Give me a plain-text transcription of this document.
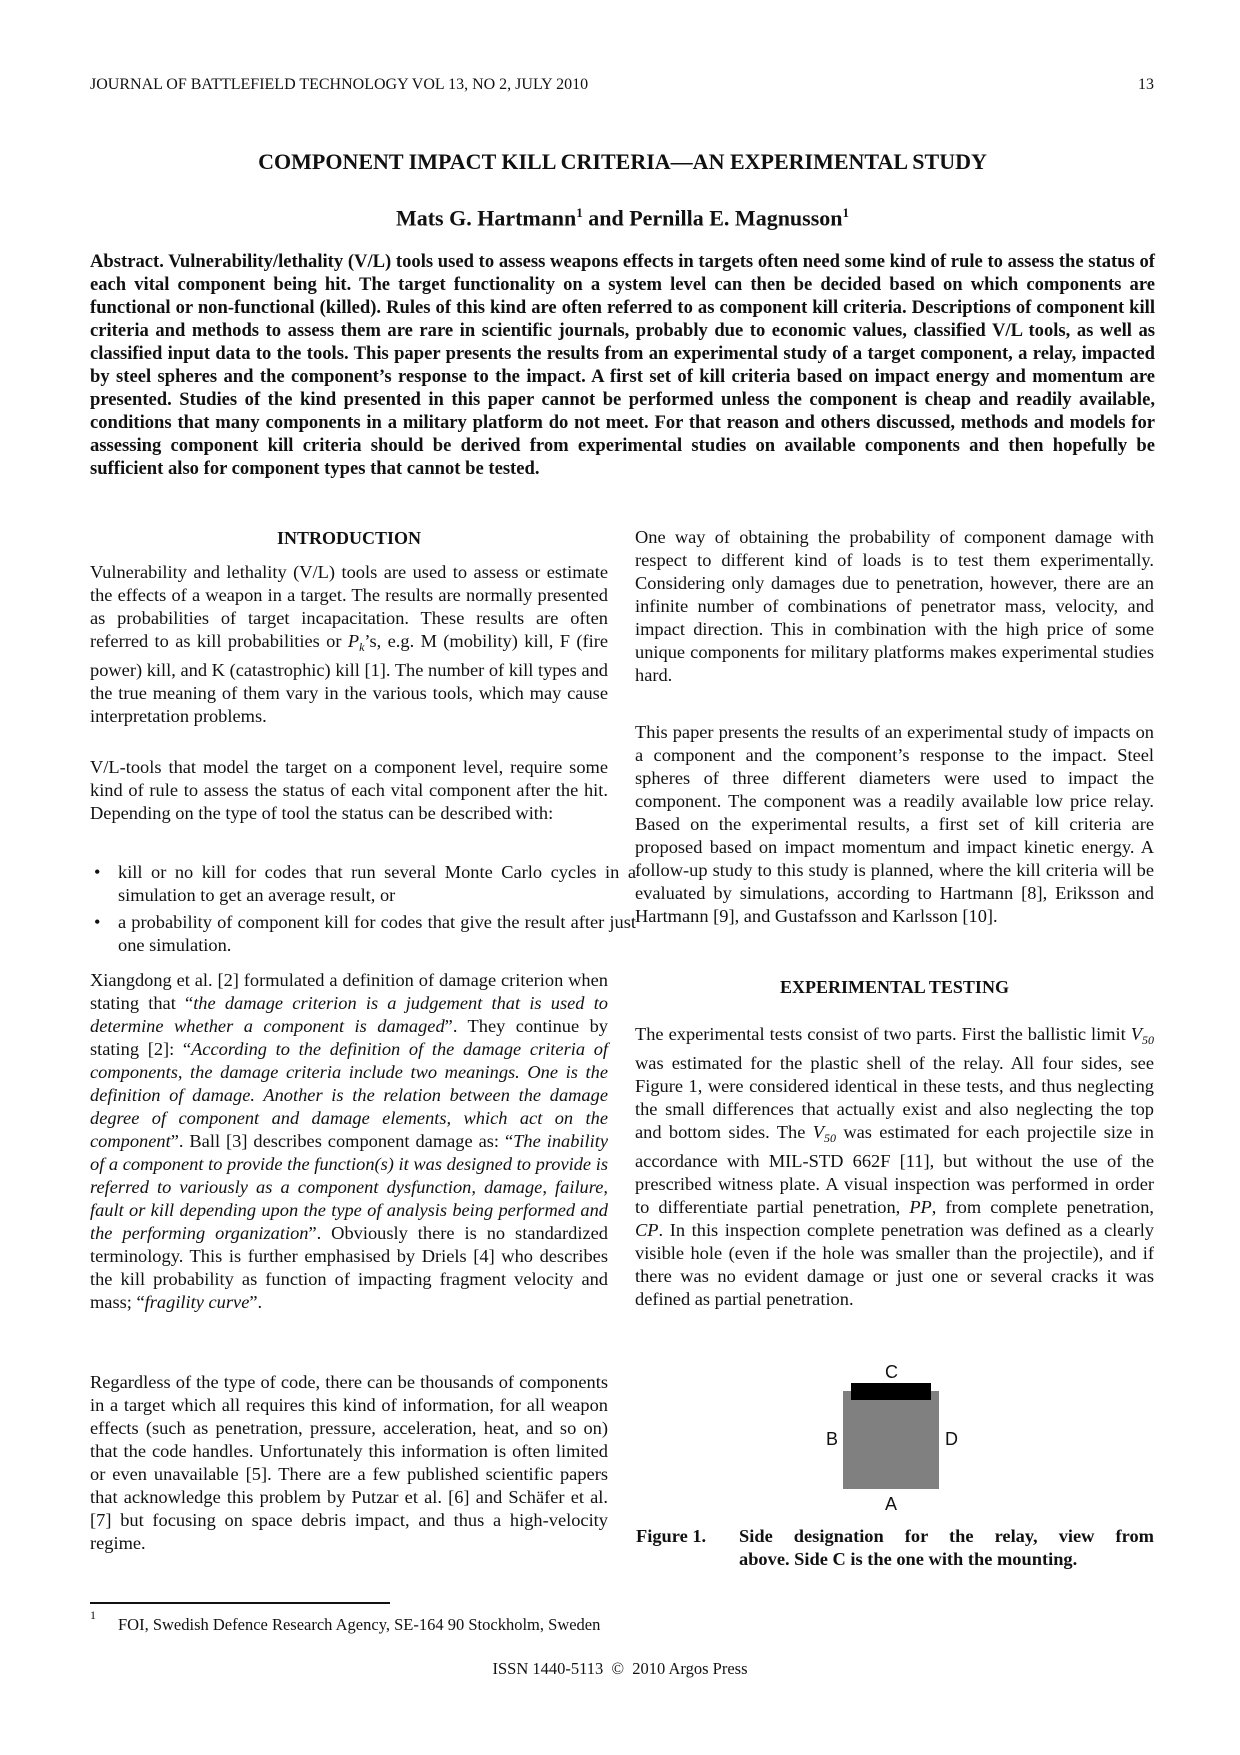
JOURNAL OF BATTLEFIELD TECHNOLOGY VOL 13, NO 2, JULY 2010	13
COMPONENT IMPACT KILL CRITERIA—AN EXPERIMENTAL STUDY
Mats G. Hartmann$^1$ and Pernilla E. Magnusson$^1$

Abstract. Vulnerability/lethality (V/L) tools used to assess weapons effects in targets often need some kind of rule to assess the status of each vital component being hit. The target functionality on a system level can then be decided based on which components are functional or non-functional (killed). Rules of this kind are often referred to as component kill criteria. Descriptions of component kill criteria and methods to assess them are rare in scientific journals, probably due to economic values, classified V/L tools, as well as classified input data to the tools. This paper presents the results from an experimental study of a target component, a relay, impacted by steel spheres and the component’s response to the impact. A first set of kill criteria based on impact energy and momentum are presented. Studies of the kind presented in this paper cannot be performed unless the component is cheap and readily available, conditions that many components in a military platform do not meet. For that reason and others discussed, methods and models for assessing component kill criteria should be derived from experimental studies on available components and then hopefully be sufficient also for component types that cannot be tested.

INTRODUCTION

Vulnerability and lethality (V/L) tools are used to assess or estimate the effects of a weapon in a target. The results are normally presented as probabilities of target incapacitation. These results are often referred to as kill probabilities or $P_k’s$, e.g. M (mobility) kill, F (fire power) kill, and K (catastrophic) kill [1]. The number of kill types and the true meaning of them vary in the various tools, which may cause interpretation problems.

V/L-tools that model the target on a component level, require some kind of rule to assess the status of each vital component after the hit. Depending on the type of tool the status can be described with:

• kill or no kill for codes that run several Monte Carlo cycles in a simulation to get an average result, or
• a probability of component kill for codes that give the result after just one simulation.

Xiangdong et al. [2] formulated a definition of damage criterion when stating that “the damage criterion is a judgement that is used to determine whether a component is damaged”. They continue by stating [2]: “According to the definition of the damage criteria of components, the damage criteria include two meanings. One is the definition of damage. Another is the relation between the damage degree of component and damage elements, which act on the component”. Ball [3] describes component damage as: “The inability of a component to provide the function(s) it was designed to provide is referred to variously as a component dysfunction, damage, failure, fault or kill depending upon the type of analysis being performed and the performing organization”. Obviously there is no standardized terminology. This is further emphasised by Driels [4] who describes the kill probability as function of impacting fragment velocity and mass; “fragility curve”.

Regardless of the type of code, there can be thousands of components in a target which all requires this kind of information, for all weapon effects (such as penetration, pressure, acceleration, heat, and so on) that the code handles. Unfortunately this information is often limited or even unavailable [5]. There are a few published scientific papers that acknowledge this problem by Putzar et al. [6] and Schäfer et al. [7] but focusing on space debris impact, and thus a high-velocity regime.

One way of obtaining the probability of component damage with respect to different kind of loads is to test them experimentally. Considering only damages due to penetration, however, there are an infinite number of combinations of penetrator mass, velocity, and impact direction. This in combination with the high price of some unique components for military platforms makes experimental studies hard.

This paper presents the results of an experimental study of impacts on a component and the component’s response to the impact. Steel spheres of three different diameters were used to impact the component. The component was a readily available low price relay. Based on the experimental results, a first set of kill criteria are proposed based on impact momentum and impact kinetic energy. A follow-up study to this study is planned, where the kill criteria will be evaluated by simulations, according to Hartmann [8], Eriksson and Hartmann [9], and Gustafsson and Karlsson [10].

EXPERIMENTAL TESTING

The experimental tests consist of two parts. First the ballistic limit $V_{50}$ was estimated for the plastic shell of the relay. All four sides, see Figure 1, were considered identical in these tests, and thus neglecting the small differences that actually exist and also neglecting the top and bottom sides. The $V_{50}$ was estimated for each projectile size in accordance with MIL-STD 662F [11], but without the use of the prescribed witness plate. A visual inspection was performed in order to differentiate partial penetration, PP, from complete penetration, CP. In this inspection complete penetration was defined as a clearly visible hole (even if the hole was smaller than the projectile), and if there was no evident damage or just one or several cracks it was defined as partial penetration.

C
B	D
A
Figure 1. Side designation for the relay, view from
above. Side C is the one with the mounting.
1 FOI, Swedish Defence Research Agency, SE-164 90 Stockholm, Sweden
ISSN 1440-5113  ©  2010 Argos Press
